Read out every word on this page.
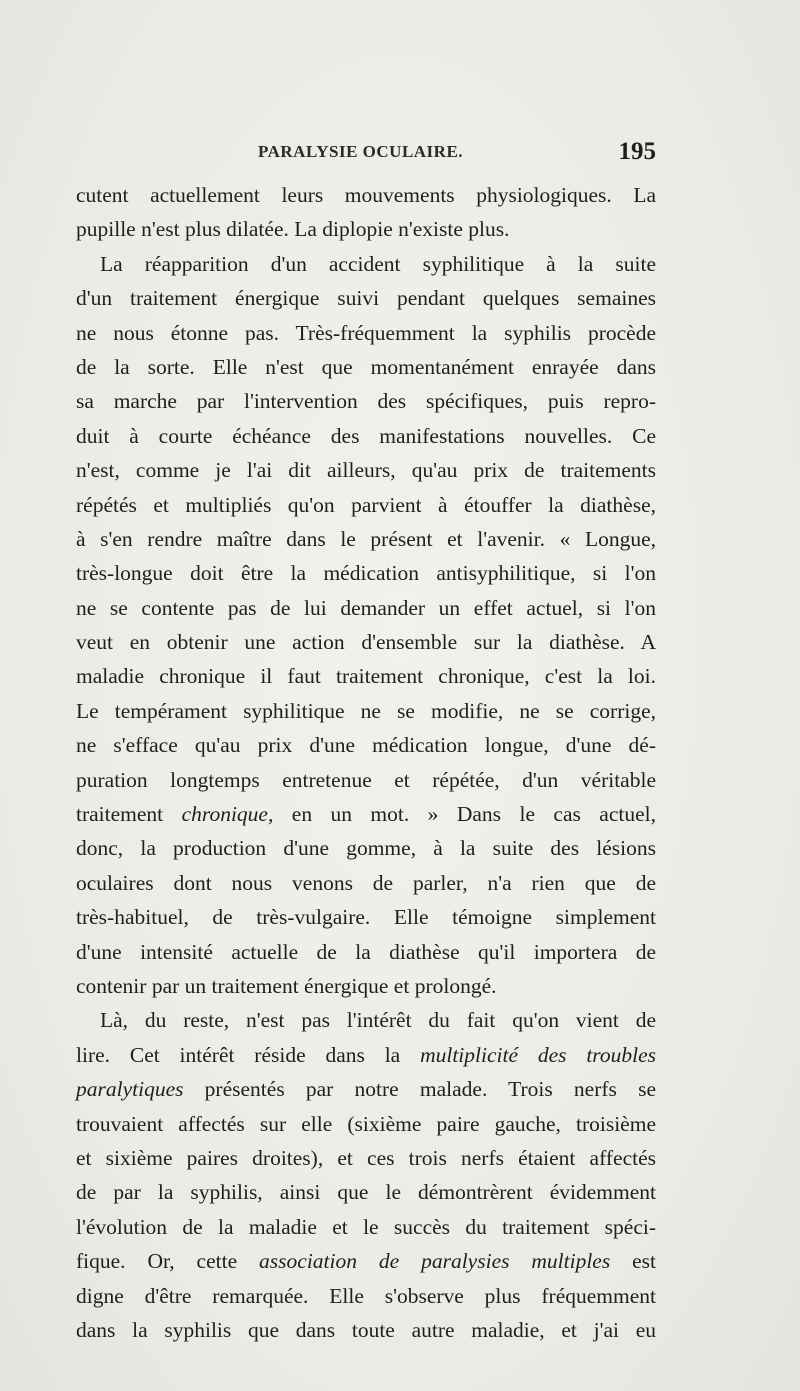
PARALYSIE OCULAIRE.	195
cutent actuellement leurs mouvements physiologiques. La
pupille n'est plus dilatée. La diplopie n'existe plus.
La réapparition d'un accident syphilitique à la suite
d'un traitement énergique suivi pendant quelques semaines
ne nous étonne pas. Très-fréquemment la syphilis procède
de la sorte. Elle n'est que momentanément enrayée dans
sa marche par l'intervention des spécifiques, puis repro-
duit à courte échéance des manifestations nouvelles. Ce
n'est, comme je l'ai dit ailleurs, qu'au prix de traitements
répétés et multipliés qu'on parvient à étouffer la diathèse,
à s'en rendre maître dans le présent et l'avenir. « Longue,
très-longue doit être la médication antisyphilitique, si l'on
ne se contente pas de lui demander un effet actuel, si l'on
veut en obtenir une action d'ensemble sur la diathèse. A
maladie chronique il faut traitement chronique, c'est la loi.
Le tempérament syphilitique ne se modifie, ne se corrige,
ne s'efface qu'au prix d'une médication longue, d'une dé-
puration longtemps entretenue et répétée, d'un véritable
traitement chronique, en un mot. » Dans le cas actuel,
donc, la production d'une gomme, à la suite des lésions
oculaires dont nous venons de parler, n'a rien que de
très-habituel, de très-vulgaire. Elle témoigne simplement
d'une intensité actuelle de la diathèse qu'il importera de
contenir par un traitement énergique et prolongé.
Là, du reste, n'est pas l'intérêt du fait qu'on vient de
lire. Cet intérêt réside dans la multiplicité des troubles
paralytiques présentés par notre malade. Trois nerfs se
trouvaient affectés sur elle (sixième paire gauche, troisième
et sixième paires droites), et ces trois nerfs étaient affectés
de par la syphilis, ainsi que le démontrèrent évidemment
l'évolution de la maladie et le succès du traitement spéci-
fique. Or, cette association de paralysies multiples est
digne d'être remarquée. Elle s'observe plus fréquemment
dans la syphilis que dans toute autre maladie, et j'ai eu
